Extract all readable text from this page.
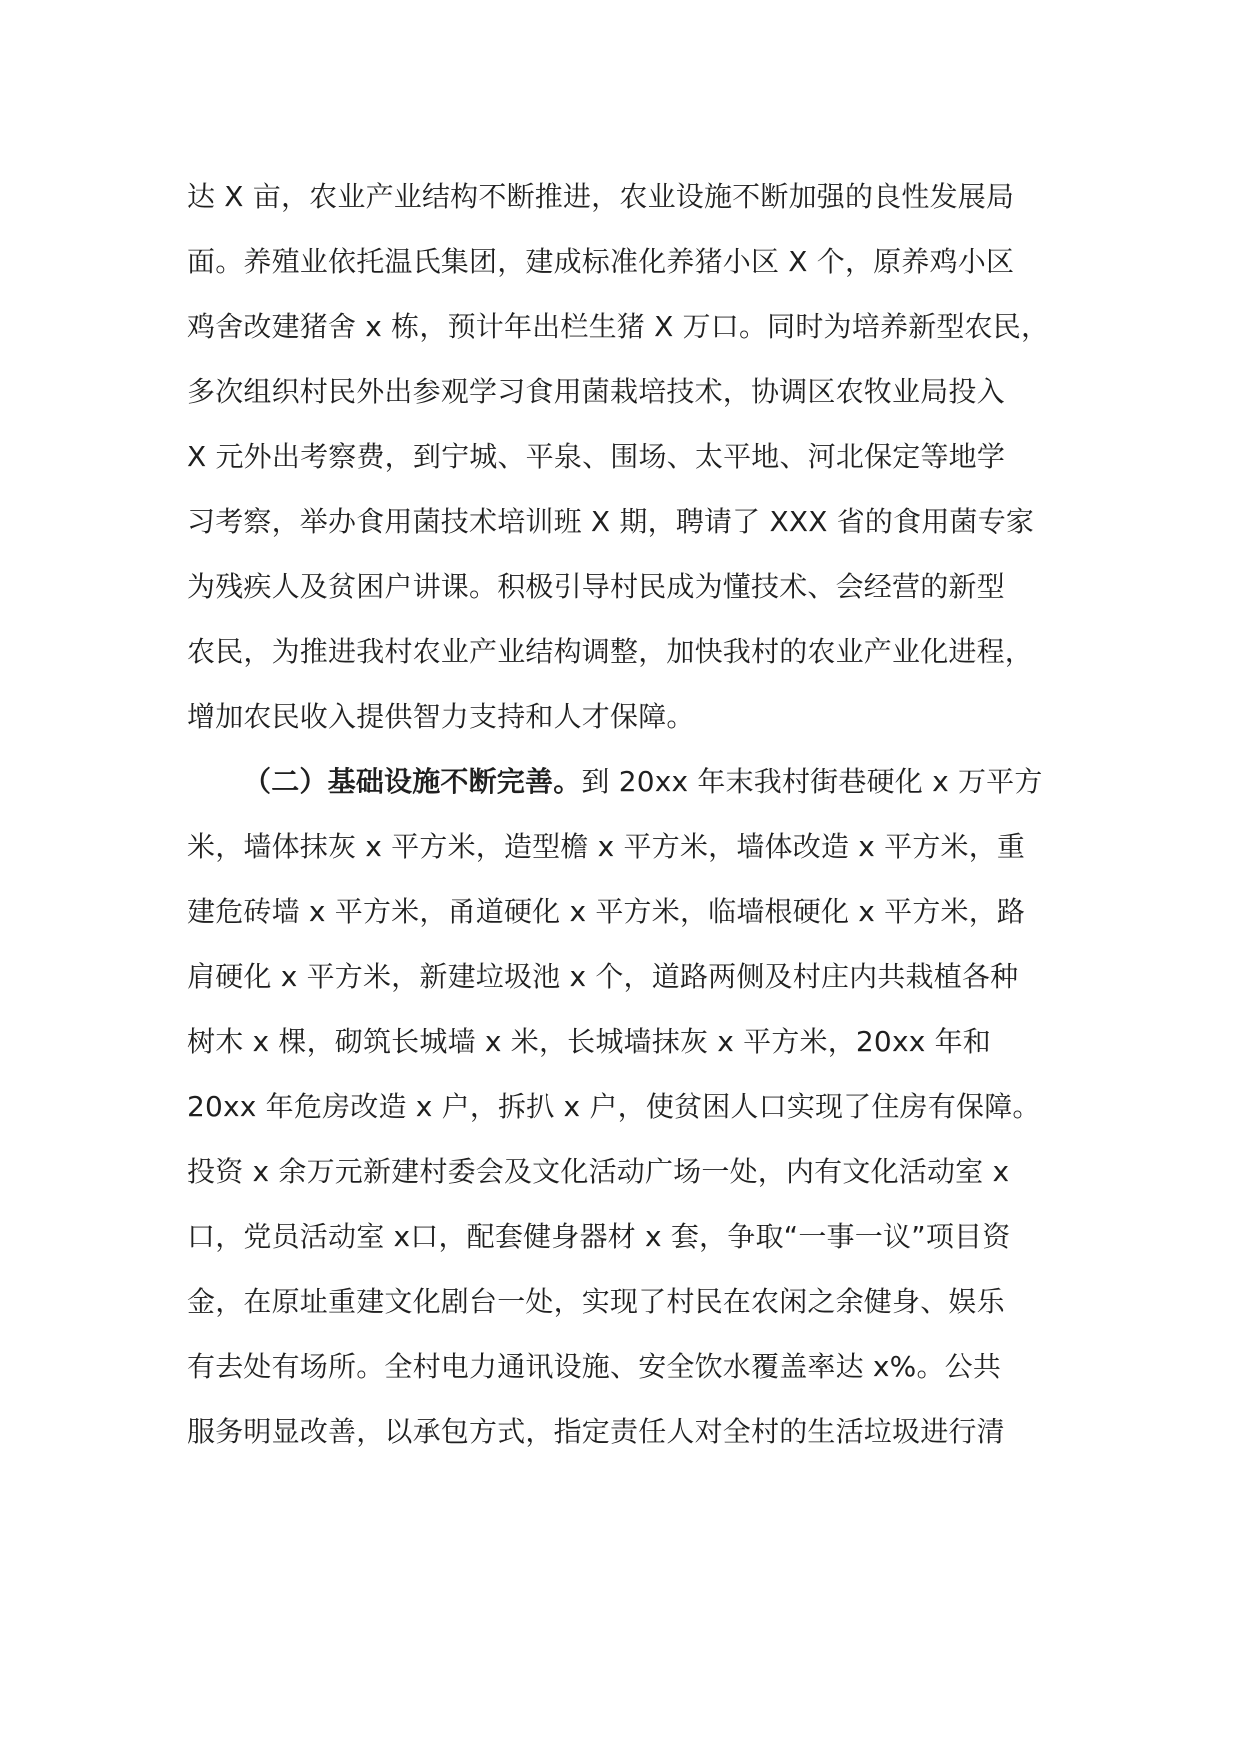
达 X 亩，农业产业结构不断推进，农业设施不断加强的良性发展局
面。养殖业依托温氏集团，建成标准化养猪小区 X 个，原养鸡小区
鸡舍改建猪舍 x 栋，预计年出栏生猪 X 万口。同时为培养新型农民，
多次组织村民外出参观学习食用菌栽培技术，协调区农牧业局投入
X 元外出考察费，到宁城、平泉、围场、太平地、河北保定等地学
习考察，举办食用菌技术培训班 X 期，聘请了 XXX 省的食用菌专家
为残疾人及贫困户讲课。积极引导村民成为懂技术、会经营的新型
农民，为推进我村农业产业结构调整，加快我村的农业产业化进程，
增加农民收入提供智力支持和人才保障。
（二）基础设施不断完善。到 20xx 年末我村街巷硬化 x 万平方
米，墙体抹灰 x 平方米，造型檐 x 平方米，墙体改造 x 平方米，重
建危砖墙 x 平方米，甬道硬化 x 平方米，临墙根硬化 x 平方米，路
肩硬化 x 平方米，新建垃圾池 x 个，道路两侧及村庄内共栽植各种
树木 x 棵，砌筑长城墙 x 米，长城墙抹灰 x 平方米，20xx 年和
20xx 年危房改造 x 户，拆扒 x 户，使贫困人口实现了住房有保障。
投资 x 余万元新建村委会及文化活动广场一处，内有文化活动室 x
口，党员活动室 x口，配套健身器材 x 套，争取“一事一议”项目资
金，在原址重建文化剧台一处，实现了村民在农闲之余健身、娱乐
有去处有场所。全村电力通讯设施、安全饮水覆盖率达 x%。公共
服务明显改善，以承包方式，指定责任人对全村的生活垃圾进行清
